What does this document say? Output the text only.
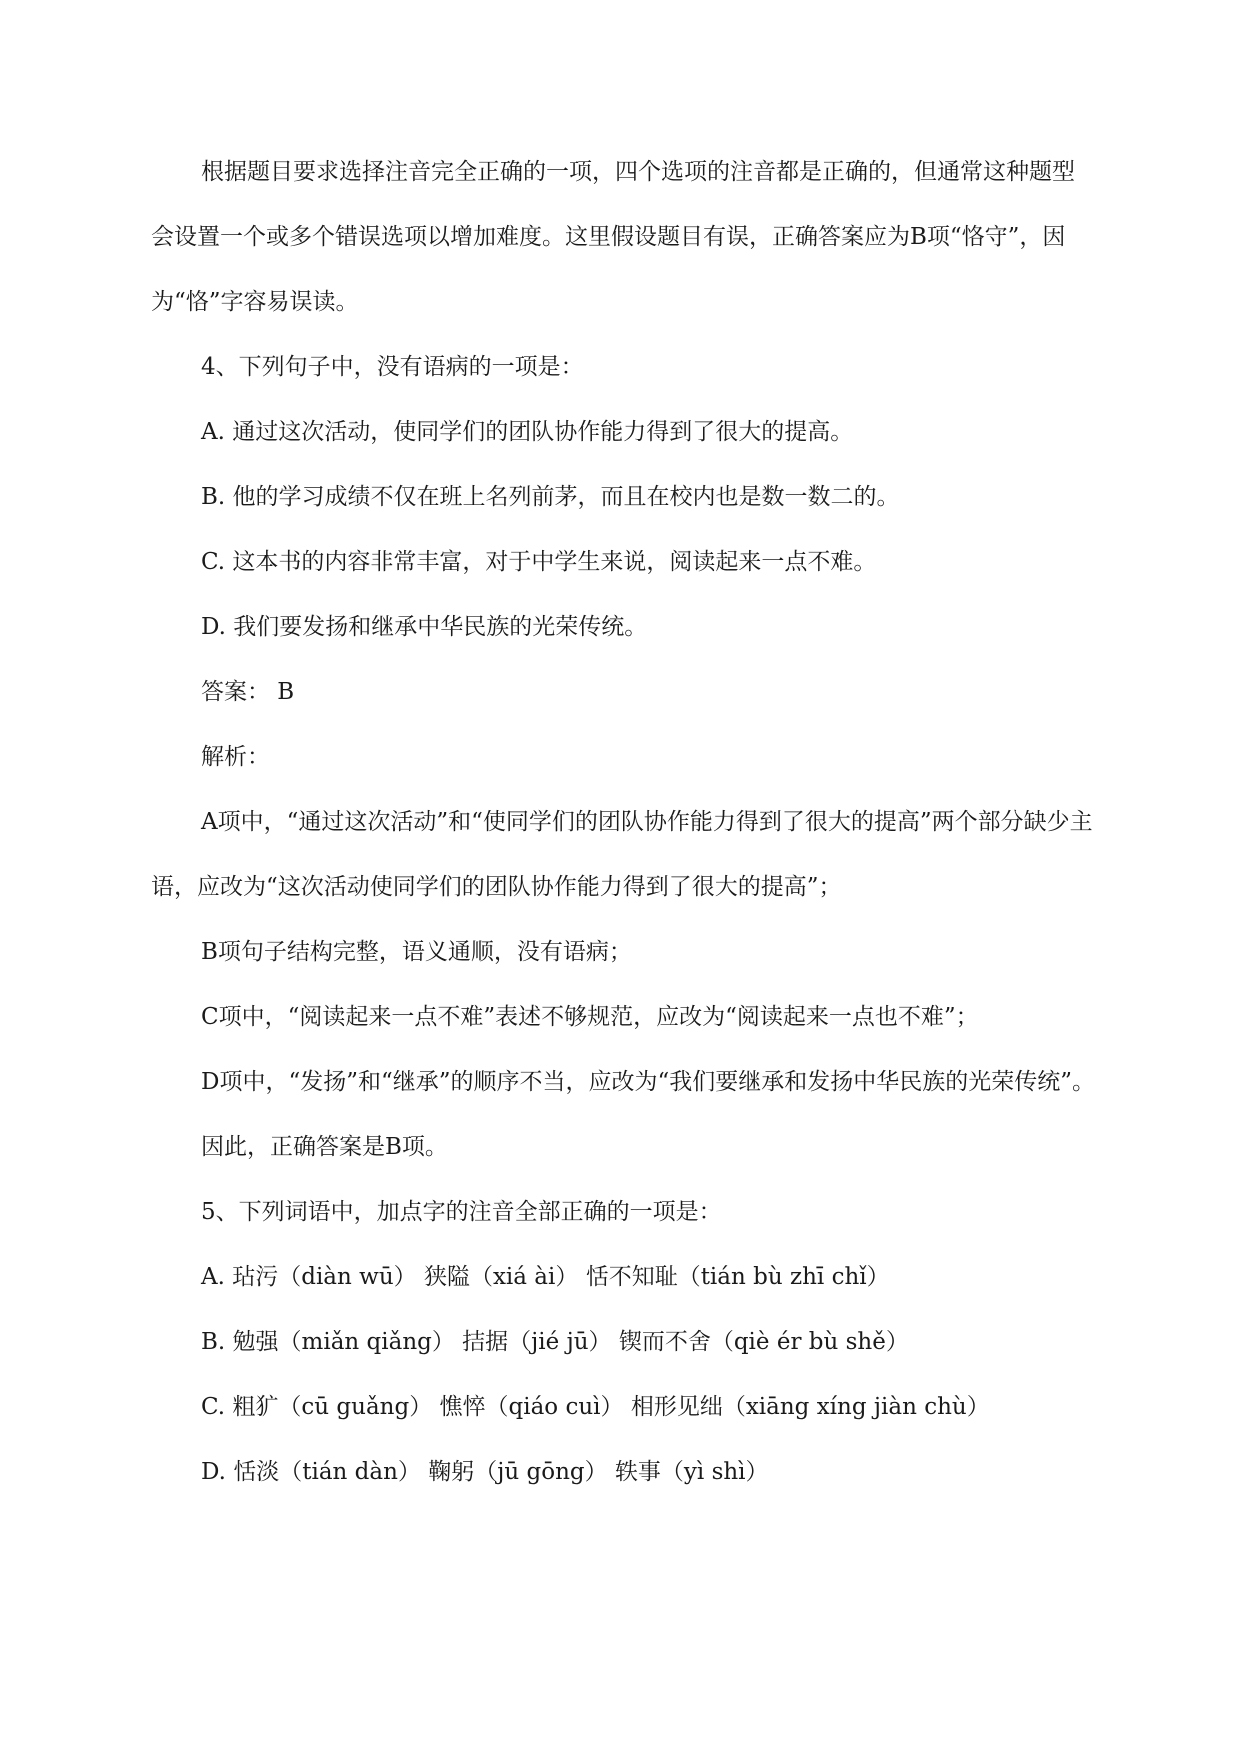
根据题目要求选择注音完全正确的一项，四个选项的注音都是正确的，但通常这种题型会设置一个或多个错误选项以增加难度。这里假设题目有误，正确答案应为B项“恪守”，因为“恪”字容易误读。

4、下列句子中，没有语病的一项是：

A. 通过这次活动，使同学们的团队协作能力得到了很大的提高。

B. 他的学习成绩不仅在班上名列前茅，而且在校内也是数一数二的。

C. 这本书的内容非常丰富，对于中学生来说，阅读起来一点不难。

D. 我们要发扬和继承中华民族的光荣传统。

答案： B

解析：

A项中，“通过这次活动”和“使同学们的团队协作能力得到了很大的提高”两个部分缺少主语，应改为“这次活动使同学们的团队协作能力得到了很大的提高”；

B项句子结构完整，语义通顺，没有语病；

C项中，“阅读起来一点不难”表述不够规范，应改为“阅读起来一点也不难”；

D项中，“发扬”和“继承”的顺序不当，应改为“我们要继承和发扬中华民族的光荣传统”。

因此，正确答案是B项。

5、下列词语中，加点字的注音全部正确的一项是：

A. 玷污（diàn wū） 狭隘（xiá ài） 恬不知耻（tián bù zhī chǐ）

B. 勉强（miǎn qiǎng） 拮据（jié jū） 锲而不舍（qiè ér bù shě）

C. 粗犷（cū guǎng） 憔悴（qiáo cuì） 相形见绌（xiāng xíng jiàn chù）

D. 恬淡（tián dàn） 鞠躬（jū gōng） 轶事（yì shì）
